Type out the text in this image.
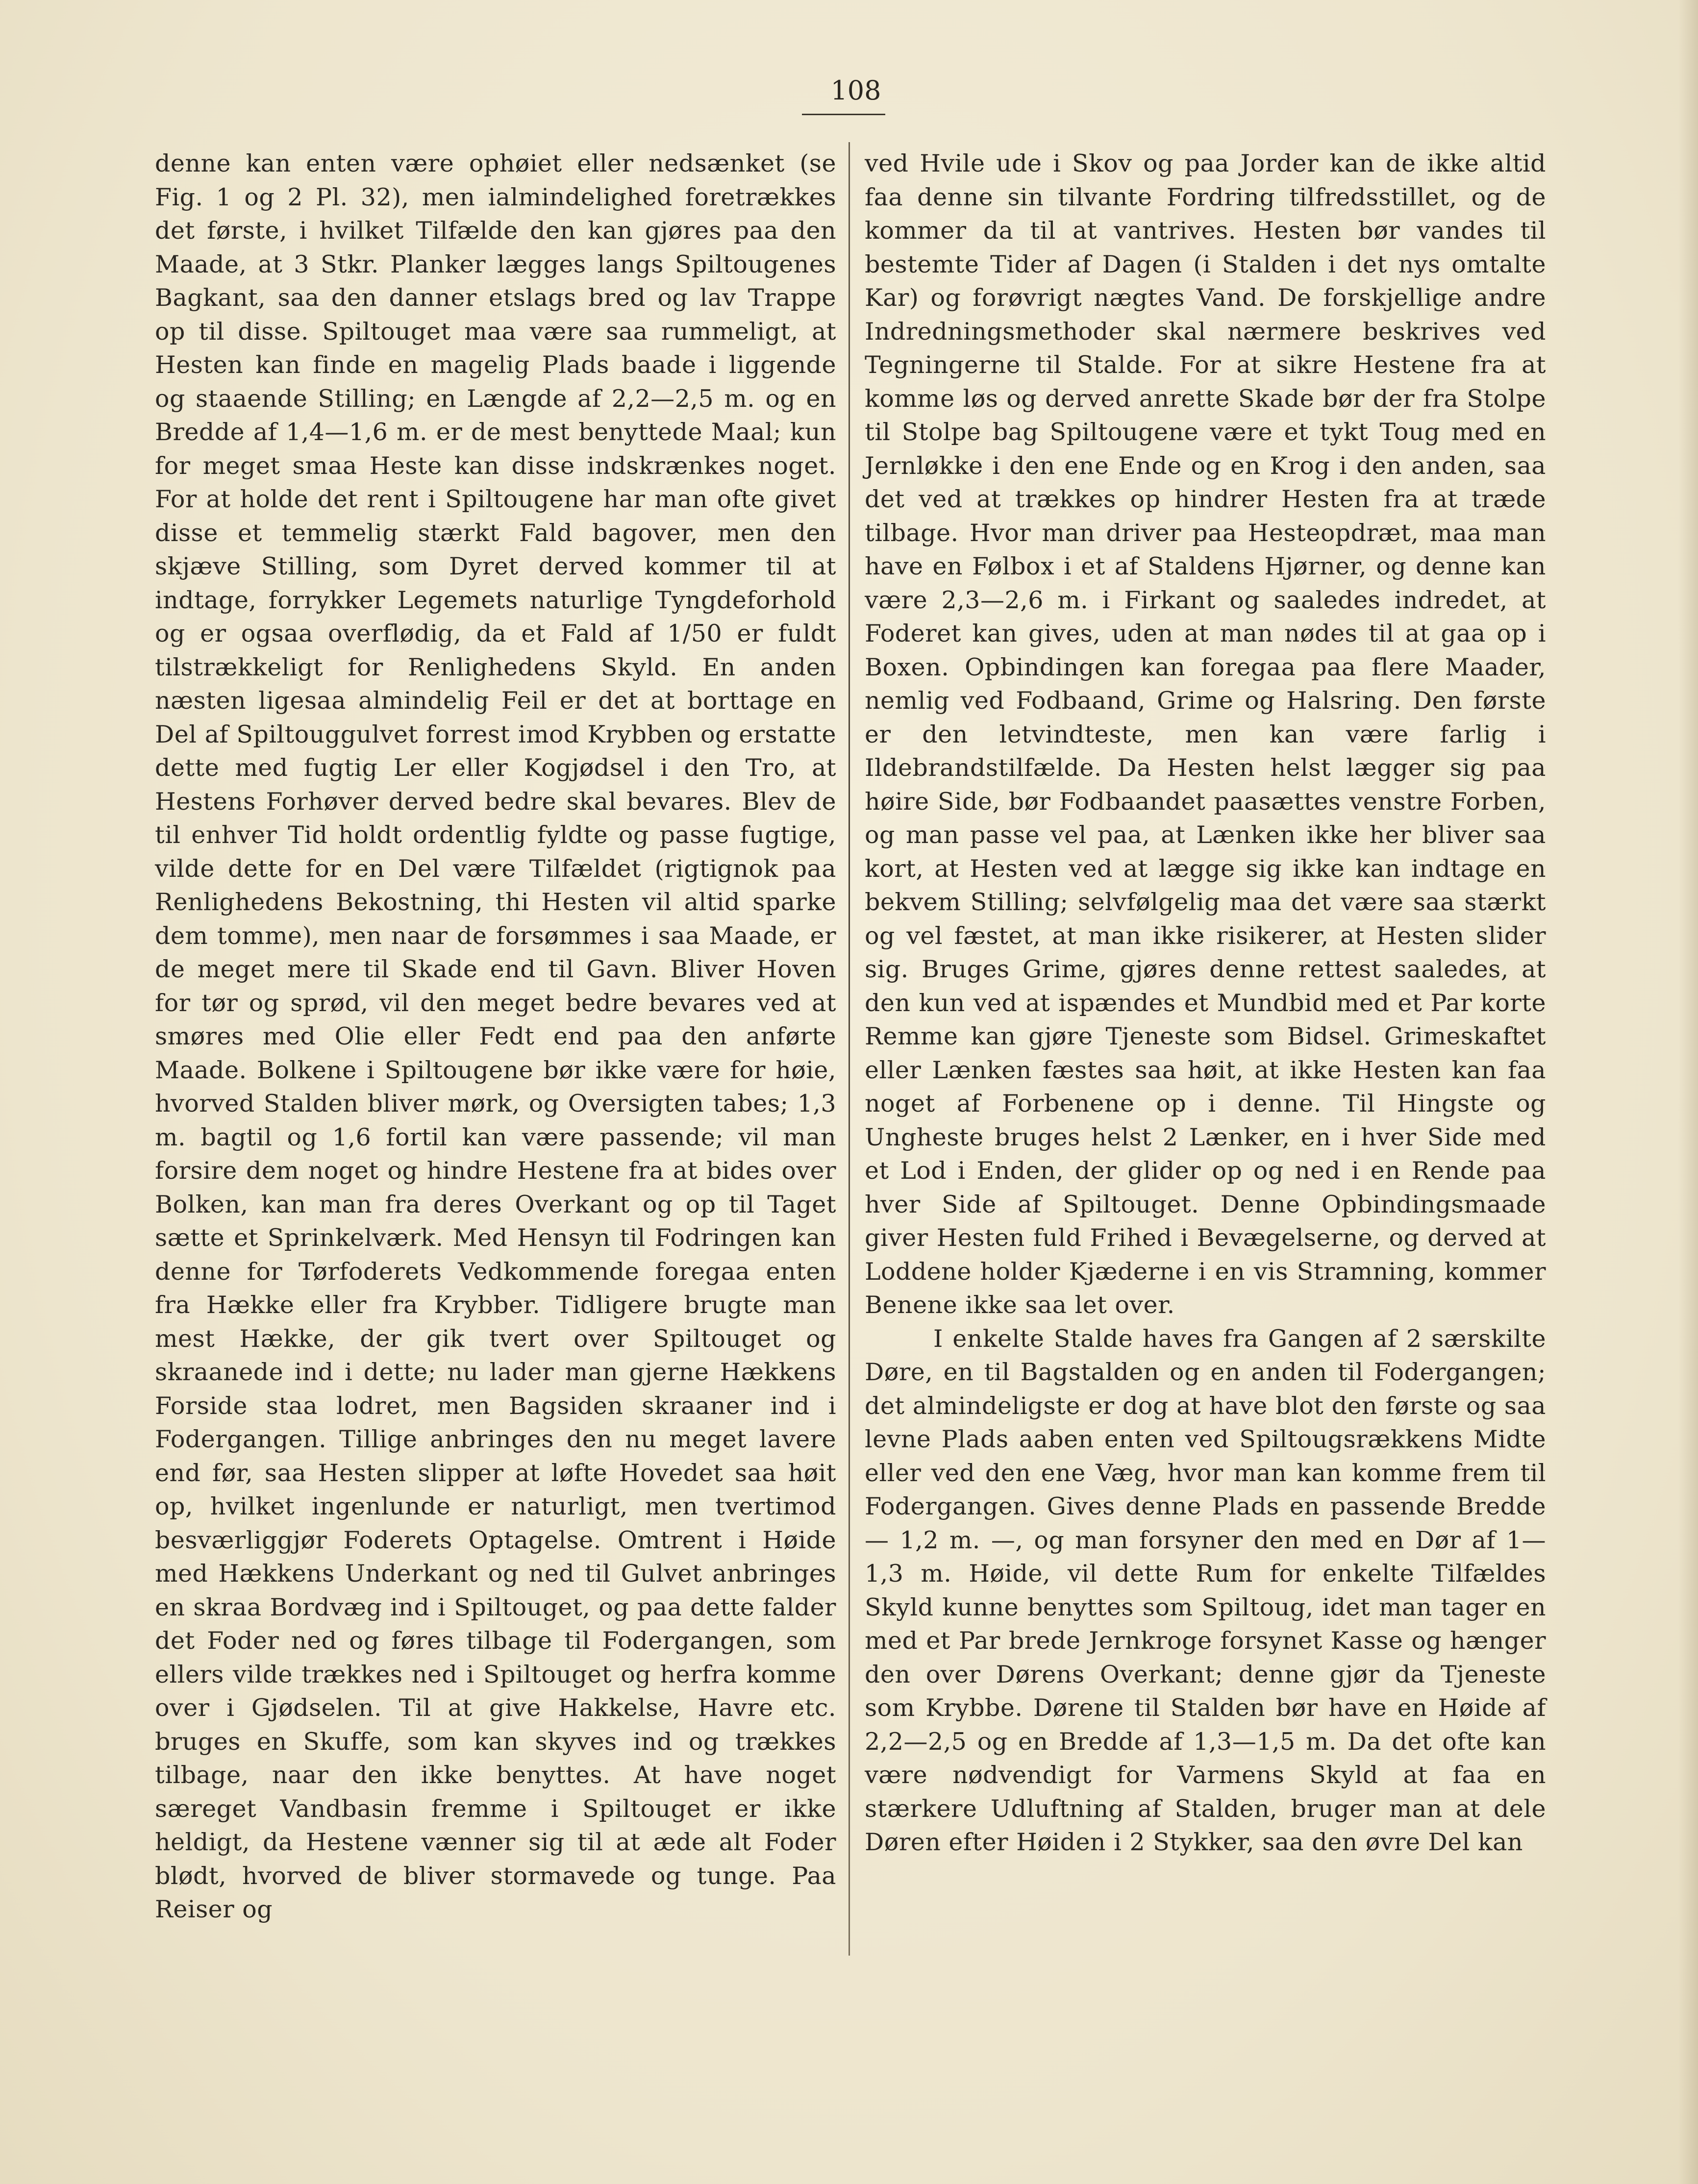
108

denne kan enten være ophøiet eller nedsænket (se Fig. 1 og 2 Pl. 32), men ialmindelighed foretrækkes det første, i hvilket Tilfælde den kan gjøres paa den Maade, at 3 Stkr. Planker lægges langs Spiltougenes Bagkant, saa den danner etslags bred og lav Trappe op til disse. Spiltouget maa være saa rummeligt, at Hesten kan finde en magelig Plads baade i liggende og staaende Stilling; en Længde af 2,2—2,5 m. og en Bredde af 1,4—1,6 m. er de mest benyttede Maal; kun for meget smaa Heste kan disse indskrænkes noget. For at holde det rent i Spiltougene har man ofte givet disse et temmelig stærkt Fald bagover, men den skjæve Stilling, som Dyret derved kommer til at indtage, forrykker Legemets naturlige Tyngdeforhold og er ogsaa overflødig, da et Fald af 1/50 er fuldt tilstrækkeligt for Renlighedens Skyld. En anden næsten ligesaa almindelig Feil er det at borttage en Del af Spiltouggulvet forrest imod Krybben og erstatte dette med fugtig Ler eller Kogjødsel i den Tro, at Hestens Forhøver derved bedre skal bevares. Blev de til enhver Tid holdt ordentlig fyldte og passe fugtige, vilde dette for en Del være Tilfældet (rigtignok paa Renlighedens Bekostning, thi Hesten vil altid sparke dem tomme), men naar de forsømmes i saa Maade, er de meget mere til Skade end til Gavn. Bliver Hoven for tør og sprød, vil den meget bedre bevares ved at smøres med Olie eller Fedt end paa den anførte Maade. Bolkene i Spiltougene bør ikke være for høie, hvorved Stalden bliver mørk, og Oversigten tabes; 1,3 m. bagtil og 1,6 fortil kan være passende; vil man forsire dem noget og hindre Hestene fra at bides over Bolken, kan man fra deres Overkant og op til Taget sætte et Sprinkelværk. Med Hensyn til Fodringen kan denne for Tørfoderets Vedkommende foregaa enten fra Hække eller fra Krybber. Tidligere brugte man mest Hække, der gik tvert over Spiltouget og skraanede ind i dette; nu lader man gjerne Hækkens Forside staa lodret, men Bagsiden skraaner ind i Fodergangen. Tillige anbringes den nu meget lavere end før, saa Hesten slipper at løfte Hovedet saa høit op, hvilket ingenlunde er naturligt, men tvertimod besværliggjør Foderets Optagelse. Omtrent i Høide med Hækkens Underkant og ned til Gulvet anbringes en skraa Bordvæg ind i Spiltouget, og paa dette falder det Foder ned og føres tilbage til Fodergangen, som ellers vilde trækkes ned i Spiltouget og herfra komme over i Gjødselen. Til at give Hakkelse, Havre etc. bruges en Skuffe, som kan skyves ind og trækkes tilbage, naar den ikke benyttes. At have noget særeget Vandbasin fremme i Spiltouget er ikke heldigt, da Hestene vænner sig til at æde alt Foder blødt, hvorved de bliver stormavede og tunge. Paa Reiser og

ved Hvile ude i Skov og paa Jorder kan de ikke altid faa denne sin tilvante Fordring tilfredsstillet, og de kommer da til at vantrives. Hesten bør vandes til bestemte Tider af Dagen (i Stalden i det nys omtalte Kar) og forøvrigt nægtes Vand. De forskjellige andre Indredningsmethoder skal nærmere beskrives ved Tegningerne til Stalde. For at sikre Hestene fra at komme løs og derved anrette Skade bør der fra Stolpe til Stolpe bag Spiltougene være et tykt Toug med en Jernløkke i den ene Ende og en Krog i den anden, saa det ved at trækkes op hindrer Hesten fra at træde tilbage. Hvor man driver paa Hesteopdræt, maa man have en Følbox i et af Staldens Hjørner, og denne kan være 2,3—2,6 m. i Firkant og saaledes indredet, at Foderet kan gives, uden at man nødes til at gaa op i Boxen. Opbindingen kan foregaa paa flere Maader, nemlig ved Fodbaand, Grime og Halsring. Den første er den letvindteste, men kan være farlig i Ildebrandstilfælde. Da Hesten helst lægger sig paa høire Side, bør Fodbaandet paasættes venstre Forben, og man passe vel paa, at Lænken ikke her bliver saa kort, at Hesten ved at lægge sig ikke kan indtage en bekvem Stilling; selvfølgelig maa det være saa stærkt og vel fæstet, at man ikke risikerer, at Hesten slider sig. Bruges Grime, gjøres denne rettest saaledes, at den kun ved at ispændes et Mundbid med et Par korte Remme kan gjøre Tjeneste som Bidsel. Grimeskaftet eller Lænken fæstes saa høit, at ikke Hesten kan faa noget af Forbenene op i denne. Til Hingste og Ungheste bruges helst 2 Lænker, en i hver Side med et Lod i Enden, der glider op og ned i en Rende paa hver Side af Spiltouget. Denne Opbindingsmaade giver Hesten fuld Frihed i Bevægelserne, og derved at Loddene holder Kjæderne i en vis Stramning, kommer Benene ikke saa let over.

I enkelte Stalde haves fra Gangen af 2 særskilte Døre, en til Bagstalden og en anden til Fodergangen; det almindeligste er dog at have blot den første og saa levne Plads aaben enten ved Spiltougsrækkens Midte eller ved den ene Væg, hvor man kan komme frem til Fodergangen. Gives denne Plads en passende Bredde — 1,2 m. —, og man forsyner den med en Dør af 1—1,3 m. Høide, vil dette Rum for enkelte Tilfældes Skyld kunne benyttes som Spiltoug, idet man tager en med et Par brede Jernkroge forsynet Kasse og hænger den over Dørens Overkant; denne gjør da Tjeneste som Krybbe. Dørene til Stalden bør have en Høide af 2,2—2,5 og en Bredde af 1,3—1,5 m. Da det ofte kan være nødvendigt for Varmens Skyld at faa en stærkere Udluftning af Stalden, bruger man at dele Døren efter Høiden i 2 Stykker, saa den øvre Del kan
